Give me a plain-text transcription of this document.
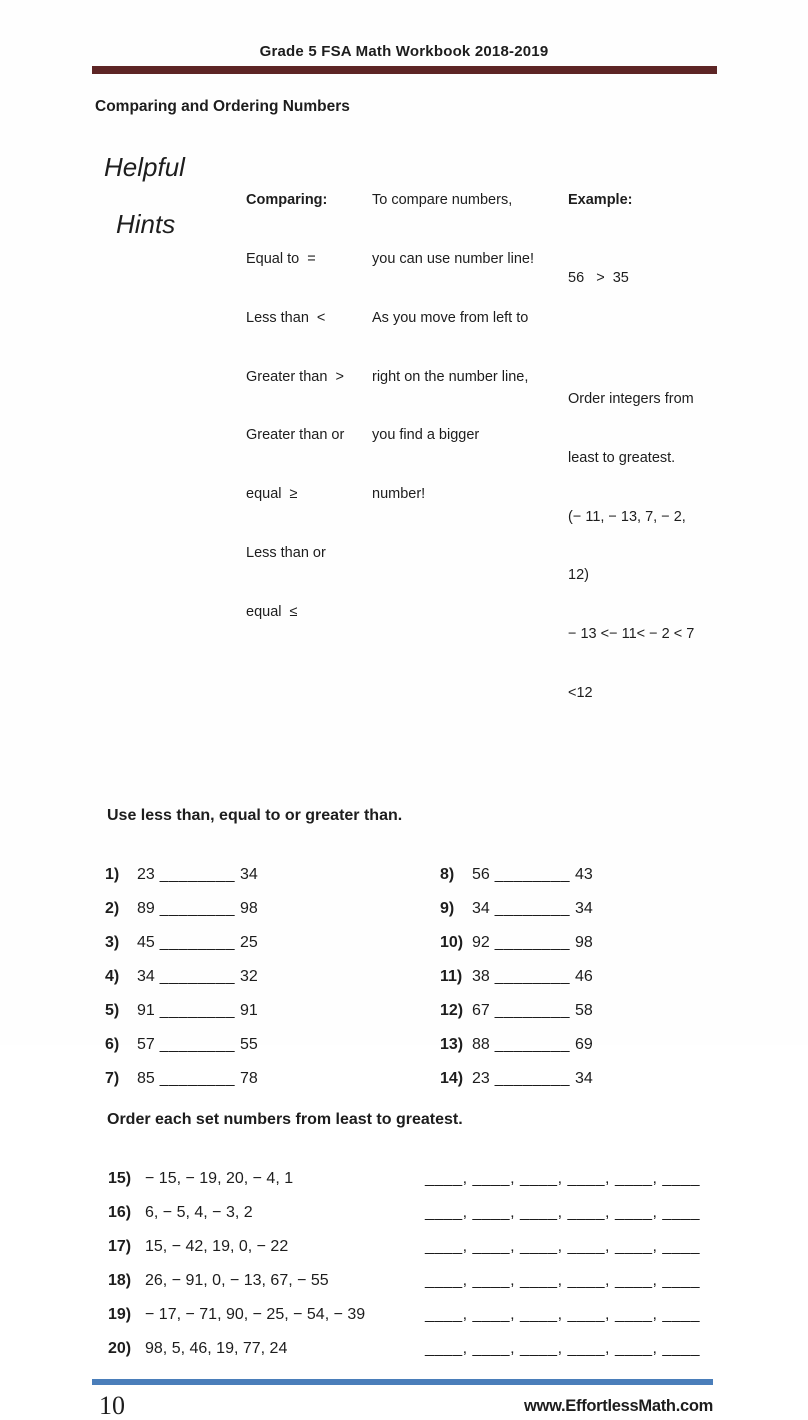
Grade 5 FSA Math Workbook 2018-2019
Comparing and Ordering Numbers
Helpful
Hints

Comparing:

Equal to  =

Less than  <

Greater than  >

Greater than or

equal  ≥

Less than or

equal  ≤

To compare numbers,

you can use number line!

As you move from left to

right on the number line,

you find a bigger

number!

Example:

56   >  35

Order integers from

least to greatest.

(− 11, − 13, 7, − 2,

12)

− 13 <− 11< − 2 < 7

<12

Use less than, equal to or greater than.
1) 23 ________ 34
2) 89 ________ 98
3) 45 ________ 25
4) 34 ________ 32
5) 91 ________ 91
6) 57 ________ 55
7) 85 ________ 78
8) 56 ________ 43
9) 34 ________ 34
10) 92 ________ 98
11) 38 ________ 46
12) 67 ________ 58
13) 88 ________ 69
14) 23 ________ 34
Order each set numbers from least to greatest.
15) − 15, − 19, 20, − 4, 1	____, ____, ____, ____, ____, ____
16) 6, − 5, 4, − 3, 2	____, ____, ____, ____, ____, ____
17) 15, − 42, 19, 0, − 22	____, ____, ____, ____, ____, ____
18) 26, − 91, 0, − 13, 67, − 55	____, ____, ____, ____, ____, ____
19) − 17, − 71, 90, − 25, − 54, − 39	____, ____, ____, ____, ____, ____
20) 98, 5, 46, 19, 77, 24	____, ____, ____, ____, ____, ____
10	www.EffortlessMath.com
